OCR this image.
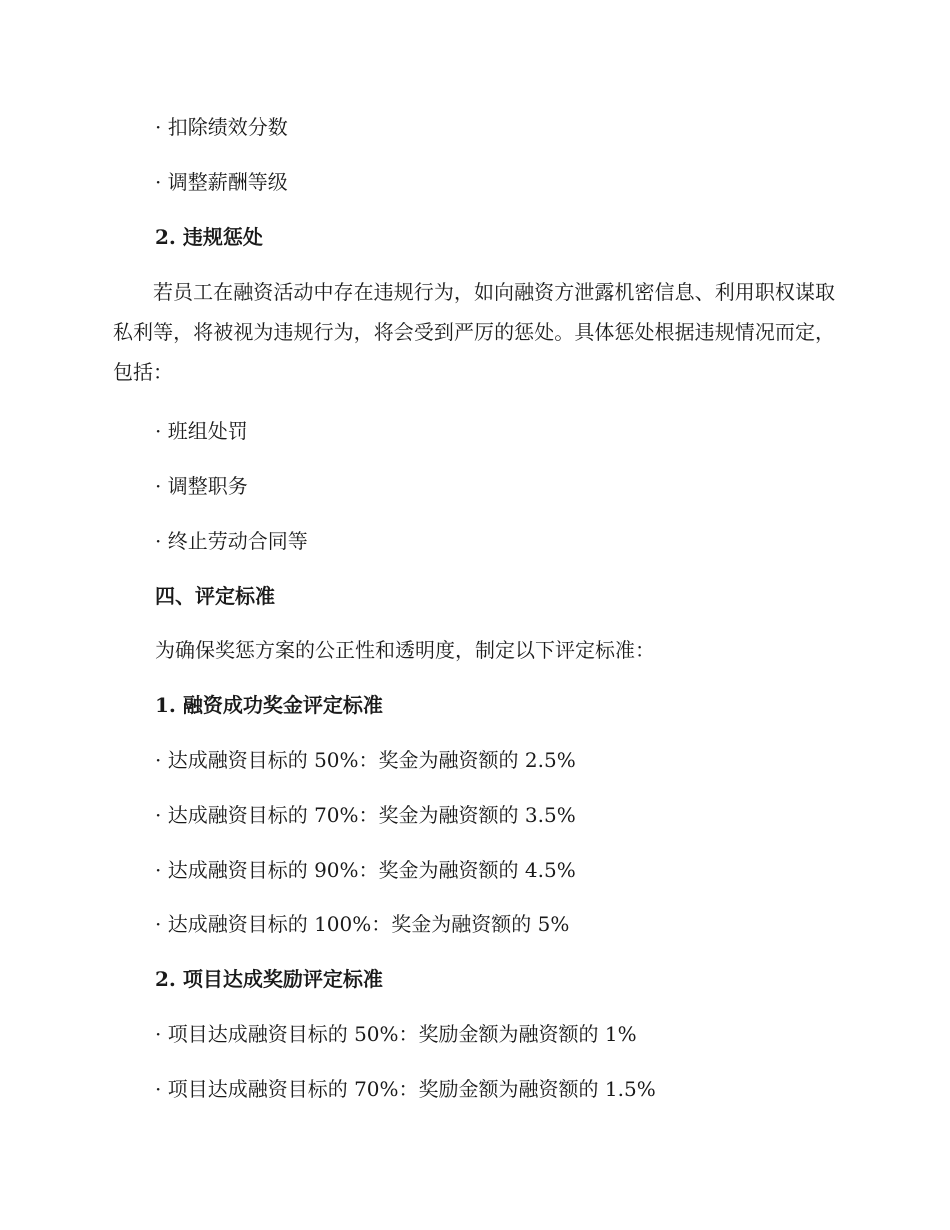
· 扣除绩效分数
· 调整薪酬等级
2. 违规惩处
若员工在融资活动中存在违规行为，如向融资方泄露机密信息、利用职权谋取私利等，将被视为违规行为，将会受到严厉的惩处。具体惩处根据违规情况而定，包括：
· 班组处罚
· 调整职务
· 终止劳动合同等
四、评定标准
为确保奖惩方案的公正性和透明度，制定以下评定标准：
1. 融资成功奖金评定标准
· 达成融资目标的 50%：奖金为融资额的 2.5%
· 达成融资目标的 70%：奖金为融资额的 3.5%
· 达成融资目标的 90%：奖金为融资额的 4.5%
· 达成融资目标的 100%：奖金为融资额的 5%
2. 项目达成奖励评定标准
· 项目达成融资目标的 50%：奖励金额为融资额的 1%
· 项目达成融资目标的 70%：奖励金额为融资额的 1.5%
